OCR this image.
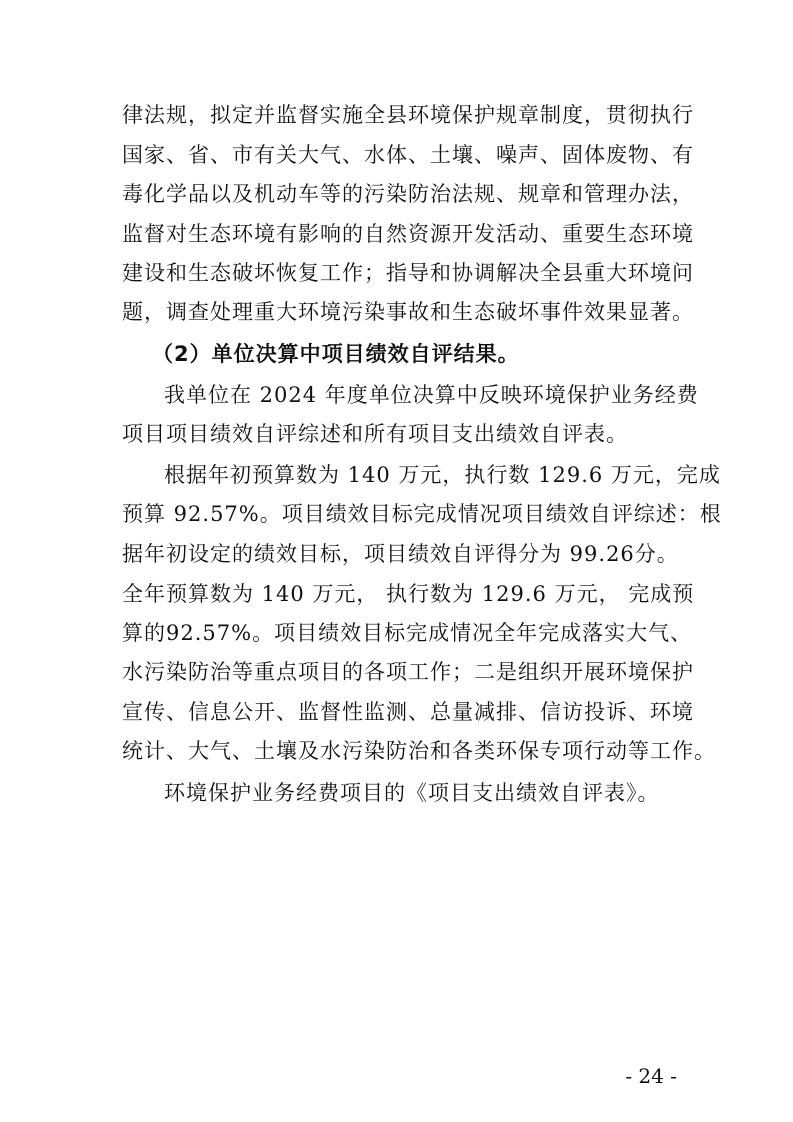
律法规，拟定并监督实施全县环境保护规章制度，贯彻执行
国家、省、市有关大气、水体、土壤、噪声、固体废物、有
毒化学品以及机动车等的污染防治法规、规章和管理办法，
监督对生态环境有影响的自然资源开发活动、重要生态环境
建设和生态破坏恢复工作；指导和协调解决全县重大环境问
题，调查处理重大环境污染事故和生态破坏事件效果显著。
（2）单位决算中项目绩效自评结果。
我单位在 2024 年度单位决算中反映环境保护业务经费
项目项目绩效自评综述和所有项目支出绩效自评表。
根据年初预算数为 140 万元，执行数 129.6 万元，完成
预算 92.57%。项目绩效目标完成情况项目绩效自评综述：根
据年初设定的绩效目标，项目绩效自评得分为 99.26分。
全年预算数为 140 万元， 执行数为 129.6 万元， 完成预
算的92.57%。项目绩效目标完成情况全年完成落实大气、
水污染防治等重点项目的各项工作；二是组织开展环境保护
宣传、信息公开、监督性监测、总量减排、信访投诉、环境
统计、大气、土壤及水污染防治和各类环保专项行动等工作。
环境保护业务经费项目的《项目支出绩效自评表》。
- 24 -
